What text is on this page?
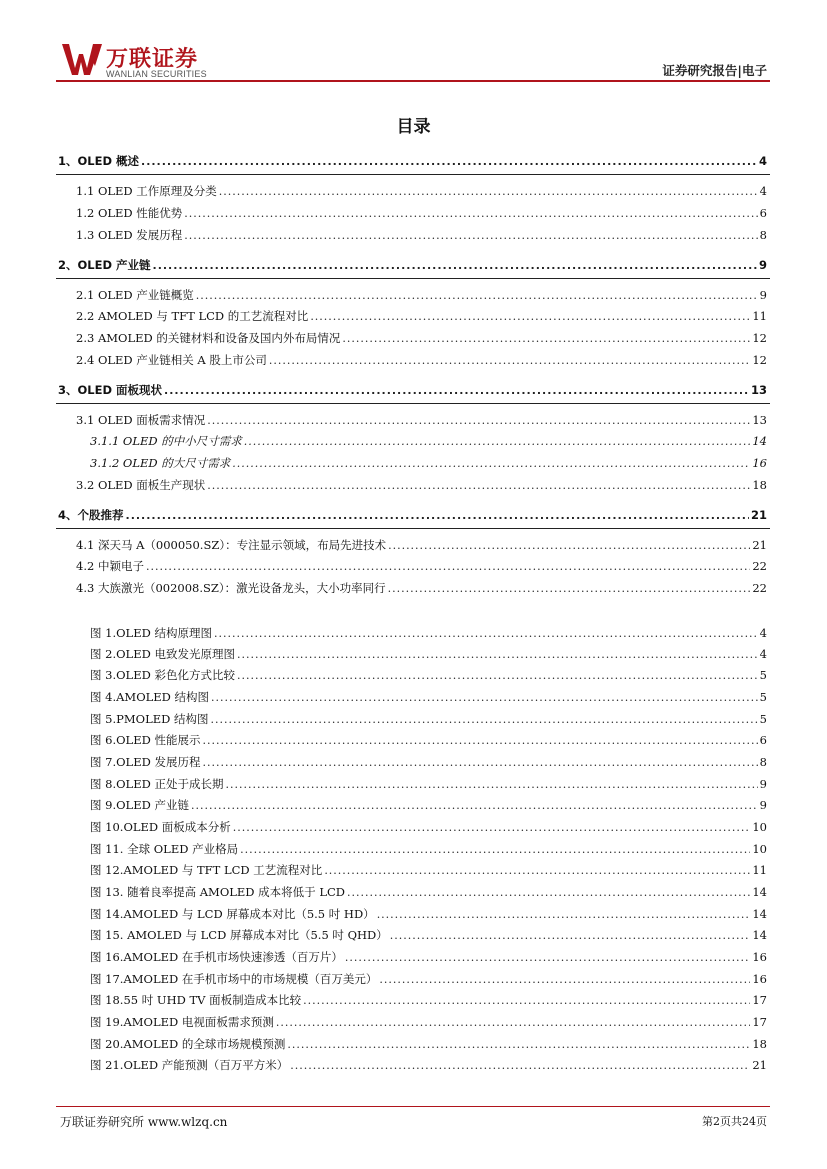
万联证券
WANLIAN SECURITIES	证券研究报告|电子
目录
1、OLED 概述 .....	4
1.1 OLED 工作原理及分类 .....	4
1.2 OLED 性能优势 .....	6
1.3 OLED 发展历程 .....	8
2、OLED 产业链 .....	9
2.1 OLED 产业链概览 .....	9
2.2 AMOLED 与 TFT LCD 的工艺流程对比 .....	11
2.3 AMOLED 的关键材料和设备及国内外布局情况 .....	12
2.4 OLED 产业链相关 A 股上市公司 .....	12
3、OLED 面板现状 .....	13
3.1 OLED 面板需求情况 .....	13
3.1.1 OLED 的中小尺寸需求 .....	14
3.1.2 OLED 的大尺寸需求 .....	16
3.2 OLED 面板生产现状 .....	18
4、个股推荐 .....	21
4.1 深天马 A（000050.SZ）：专注显示领域，布局先进技术 .....	21
4.2 中颖电子 .....	22
4.3 大族激光（002008.SZ）：激光设备龙头，大小功率同行 .....	22
图 1.OLED 结构原理图 .....	4
图 2.OLED 电致发光原理图 .....	4
图 3.OLED 彩色化方式比较 .....	5
图 4.AMOLED 结构图 .....	5
图 5.PMOLED 结构图 .....	5
图 6.OLED 性能展示 .....	6
图 7.OLED 发展历程 .....	8
图 8.OLED 正处于成长期 .....	9
图 9.OLED 产业链 .....	9
图 10.OLED 面板成本分析 .....	10
图 11. 全球 OLED 产业格局 .....	10
图 12.AMOLED 与 TFT LCD 工艺流程对比 .....	11
图 13. 随着良率提高 AMOLED 成本将低于 LCD .....	14
图 14.AMOLED 与 LCD 屏幕成本对比（5.5 吋 HD） .....	14
图 15. AMOLED 与 LCD 屏幕成本对比（5.5 吋 QHD） .....	14
图 16.AMOLED 在手机市场快速渗透（百万片） .....	16
图 17.AMOLED 在手机市场中的市场规模（百万美元） .....	16
图 18.55 吋 UHD TV 面板制造成本比较 .....	17
图 19.AMOLED 电视面板需求预测 .....	17
图 20.AMOLED 的全球市场规模预测 .....	18
图 21.OLED 产能预测（百万平方米） .....	21
万联证券研究所 www.wlzq.cn	第2页共24页
